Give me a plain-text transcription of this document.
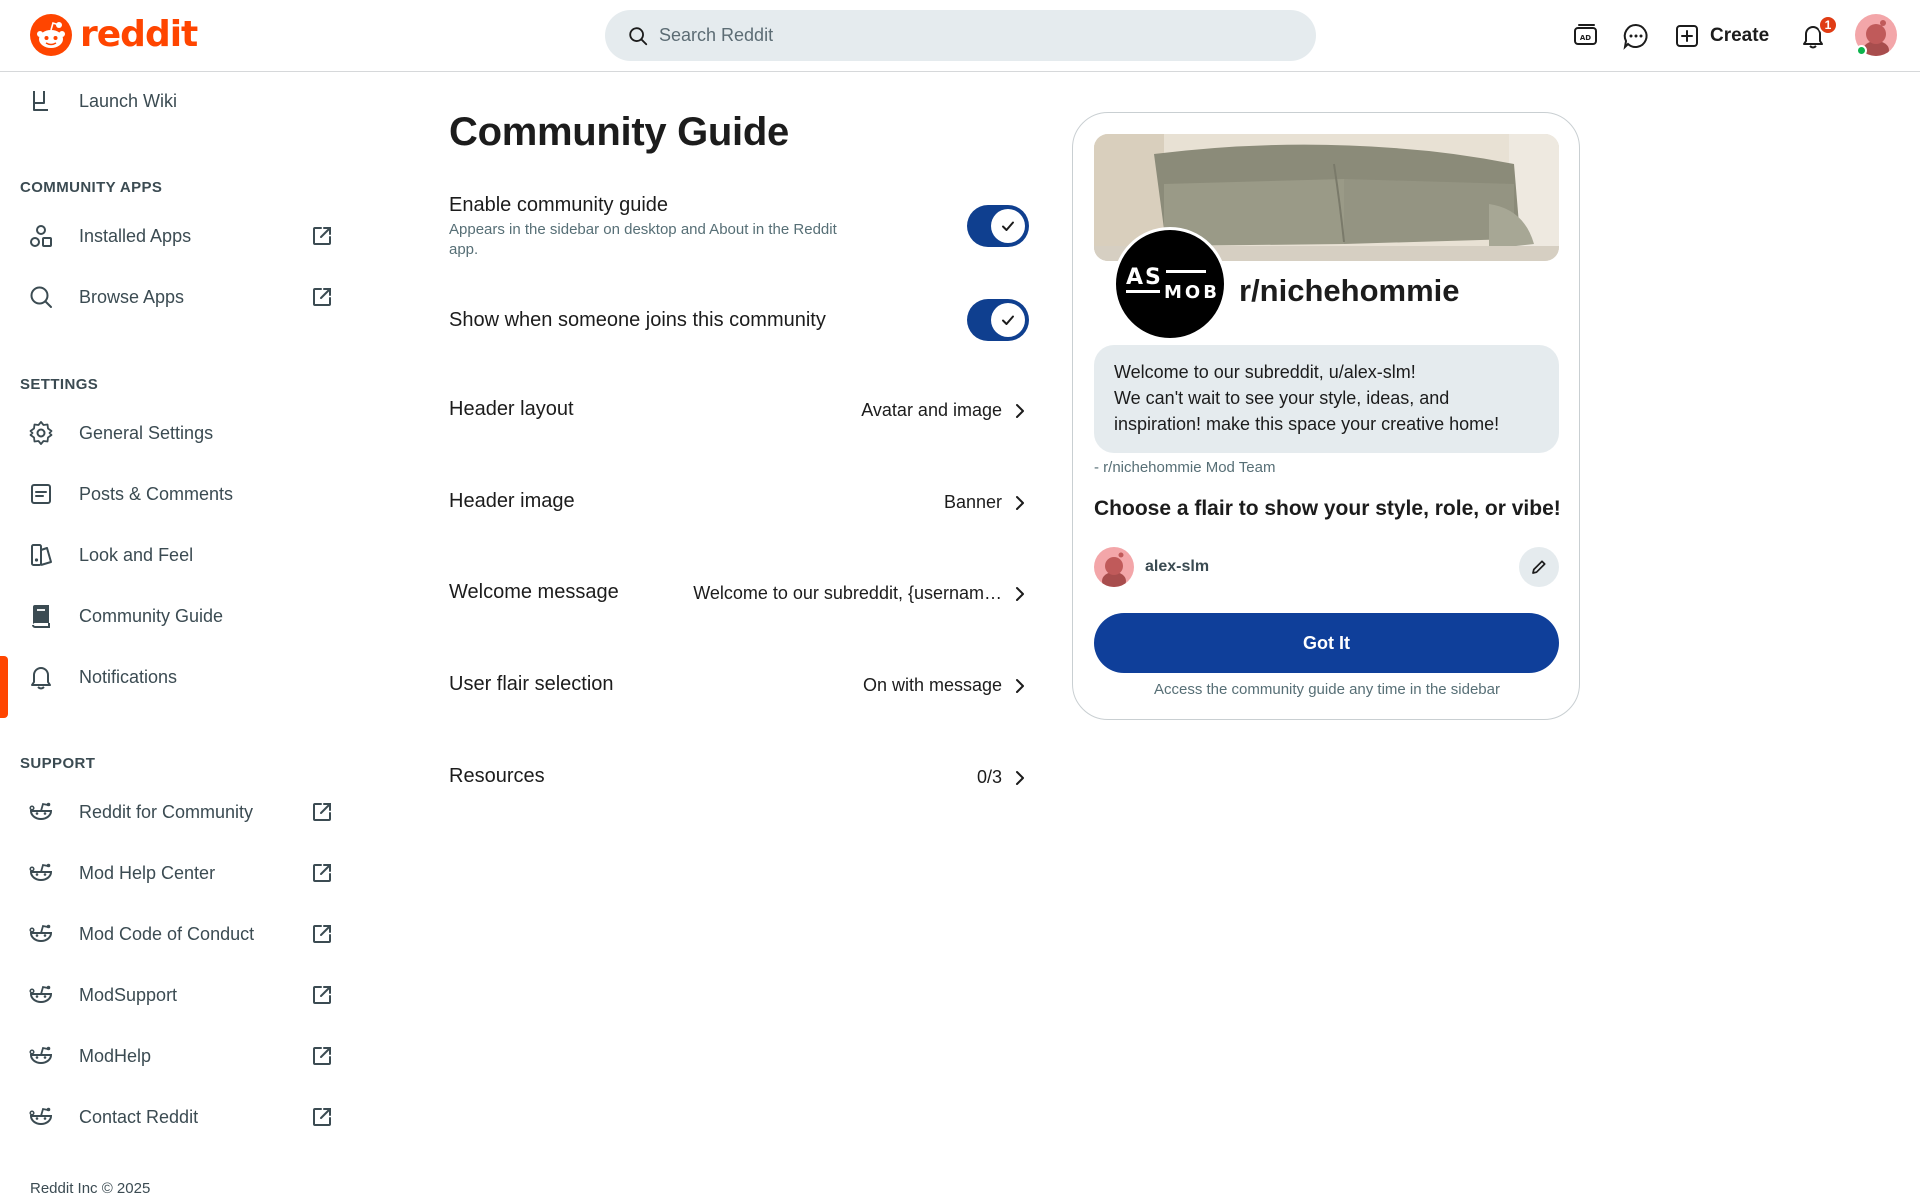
reddit
Search Reddit	AD	Create	1
Launch Wiki
COMMUNITY APPS
Installed Apps
Browse Apps
SETTINGS
General Settings
Posts & Comments
Look and Feel
Community Guide
Notifications
SUPPORT
Reddit for Community
Mod Help Center
Mod Code of Conduct
ModSupport
ModHelp
Contact Reddit
Reddit Inc © 2025
Community Guide
Enable community guide
Appears in the sidebar on desktop and About in the Reddit app.
Show when someone joins this community
Header layout	Avatar and image
Header image	Banner
Welcome message	Welcome to our subreddit, {usernam…
User flair selection	On with message
Resources	0/3
AS
MOB r/nichehommie
Welcome to our subreddit, u/alex-slm!
We can't wait to see your style, ideas, and
inspiration! make this space your creative home!
- r/nichehommie Mod Team
Choose a flair to show your style, role, or vibe!
alex-slm
Got It
Access the community guide any time in the sidebar
